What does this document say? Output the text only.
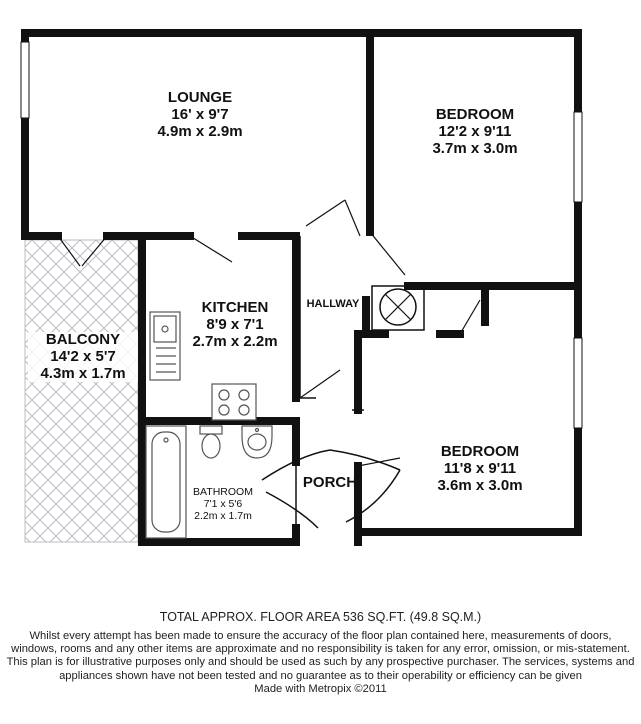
LOUNGE
16' x 9'7
4.9m x 2.9m
BEDROOM
12'2 x 9'11
3.7m x 3.0m
KITCHEN
8'9 x 7'1
2.7m x 2.2m
HALLWAY
BALCONY
14'2 x 5'7
4.3m x 1.7m
BEDROOM
11'8 x 9'11
3.6m x 3.0m
PORCH
BATHROOM
7'1 x 5'6
2.2m x 1.7m
TOTAL APPROX. FLOOR AREA 536 SQ.FT. (49.8 SQ.M.)
Whilst every attempt has been made to ensure the accuracy of the floor plan contained here, measurements of doors, windows, rooms and any other items are approximate and no responsibility is taken for any error, omission, or mis-statement. This plan is for illustrative purposes only and should be used as such by any prospective purchaser. The services, systems and appliances shown have not been tested and no guarantee as to their operability or efficiency can be given
Made with Metropix ©2011
